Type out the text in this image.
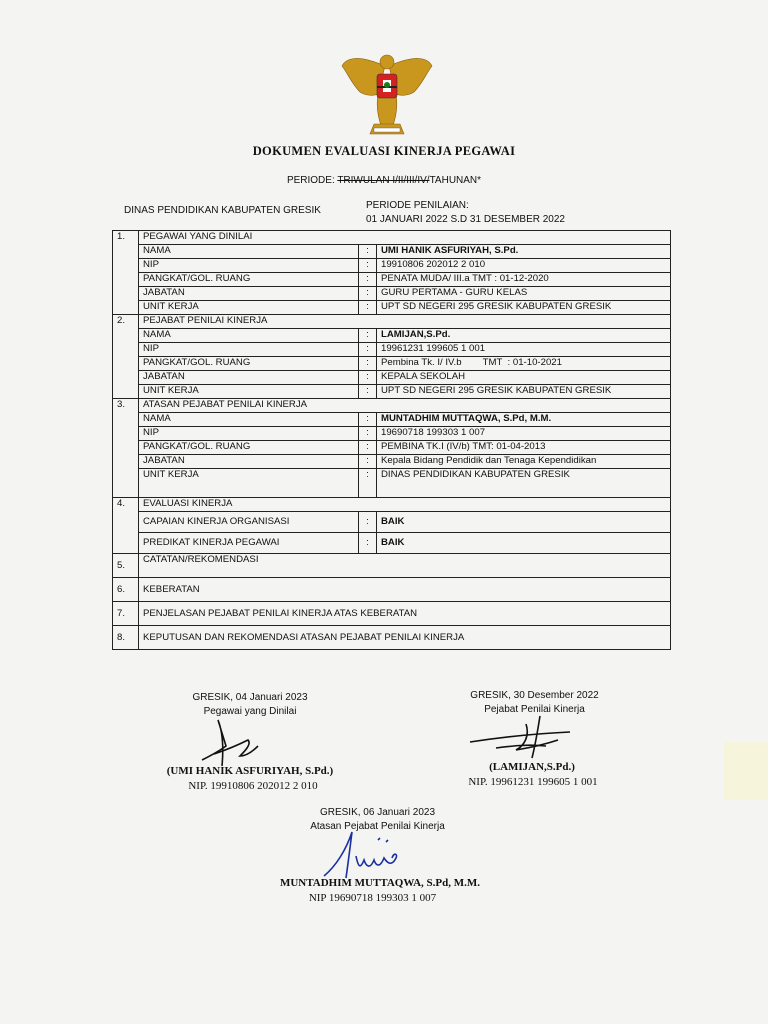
DOKUMEN EVALUASI KINERJA PEGAWAI
PERIODE: TRIWULAN I/II/III/IV/TAHUNAN*
DINAS PENDIDIKAN KABUPATEN GRESIK	PERIODE PENILAIAN:
01 JANUARI 2022 S.D 31 DESEMBER 2022
1.	PEGAWAI YANG DINILAI		
	NAMA	:	UMI HANIK ASFURIYAH, S.Pd.
	NIP	:	19910806 202012 2 010
	PANGKAT/GOL. RUANG	:	PENATA MUDA/ III.a TMT : 01-12-2020
	JABATAN	:	GURU PERTAMA - GURU KELAS
	UNIT KERJA	:	UPT SD NEGERI 295 GRESIK KABUPATEN GRESIK
2.	PEJABAT PENILAI KINERJA		
	NAMA	:	LAMIJAN,S.Pd.
	NIP	:	19961231 199605 1 001
	PANGKAT/GOL. RUANG	:	Pembina Tk. I/ IV.b        TMT  : 01-10-2021
	JABATAN	:	KEPALA SEKOLAH
	UNIT KERJA	:	UPT SD NEGERI 295 GRESIK KABUPATEN GRESIK
3.	ATASAN PEJABAT PENILAI KINERJA		
	NAMA	:	MUNTADHIM MUTTAQWA, S.Pd, M.M.
	NIP	:	19690718 199303 1 007
	PANGKAT/GOL. RUANG	:	PEMBINA TK.I (IV/b) TMT: 01-04-2013
	JABATAN	:	Kepala Bidang Pendidik dan Tenaga Kependidikan
	UNIT KERJA	:	DINAS PENDIDIKAN KABUPATEN GRESIK
4.	EVALUASI KINERJA		
	CAPAIAN KINERJA ORGANISASI	:	BAIK
	PREDIKAT KINERJA PEGAWAI	:	BAIK
5.	CATATAN/REKOMENDASI		
6.	KEBERATAN		
7.	PENJELASAN PEJABAT PENILAI KINERJA ATAS KEBERATAN		
8.	KEPUTUSAN DAN REKOMENDASI ATASAN PEJABAT PENILAI KINERJA		
GRESIK, 04 Januari 2023
Pegawai yang Dinilai
(UMI HANIK ASFURIYAH, S.Pd.)
NIP. 19910806 202012 2 010
GRESIK, 30 Desember 2022
Pejabat Penilai Kinerja
(LAMIJAN,S.Pd.)
NIP. 19961231 199605 1 001
GRESIK, 06 Januari 2023
Atasan Pejabat Penilai Kinerja
MUNTADHIM MUTTAQWA, S.Pd, M.M.
NIP 19690718 199303 1 007
